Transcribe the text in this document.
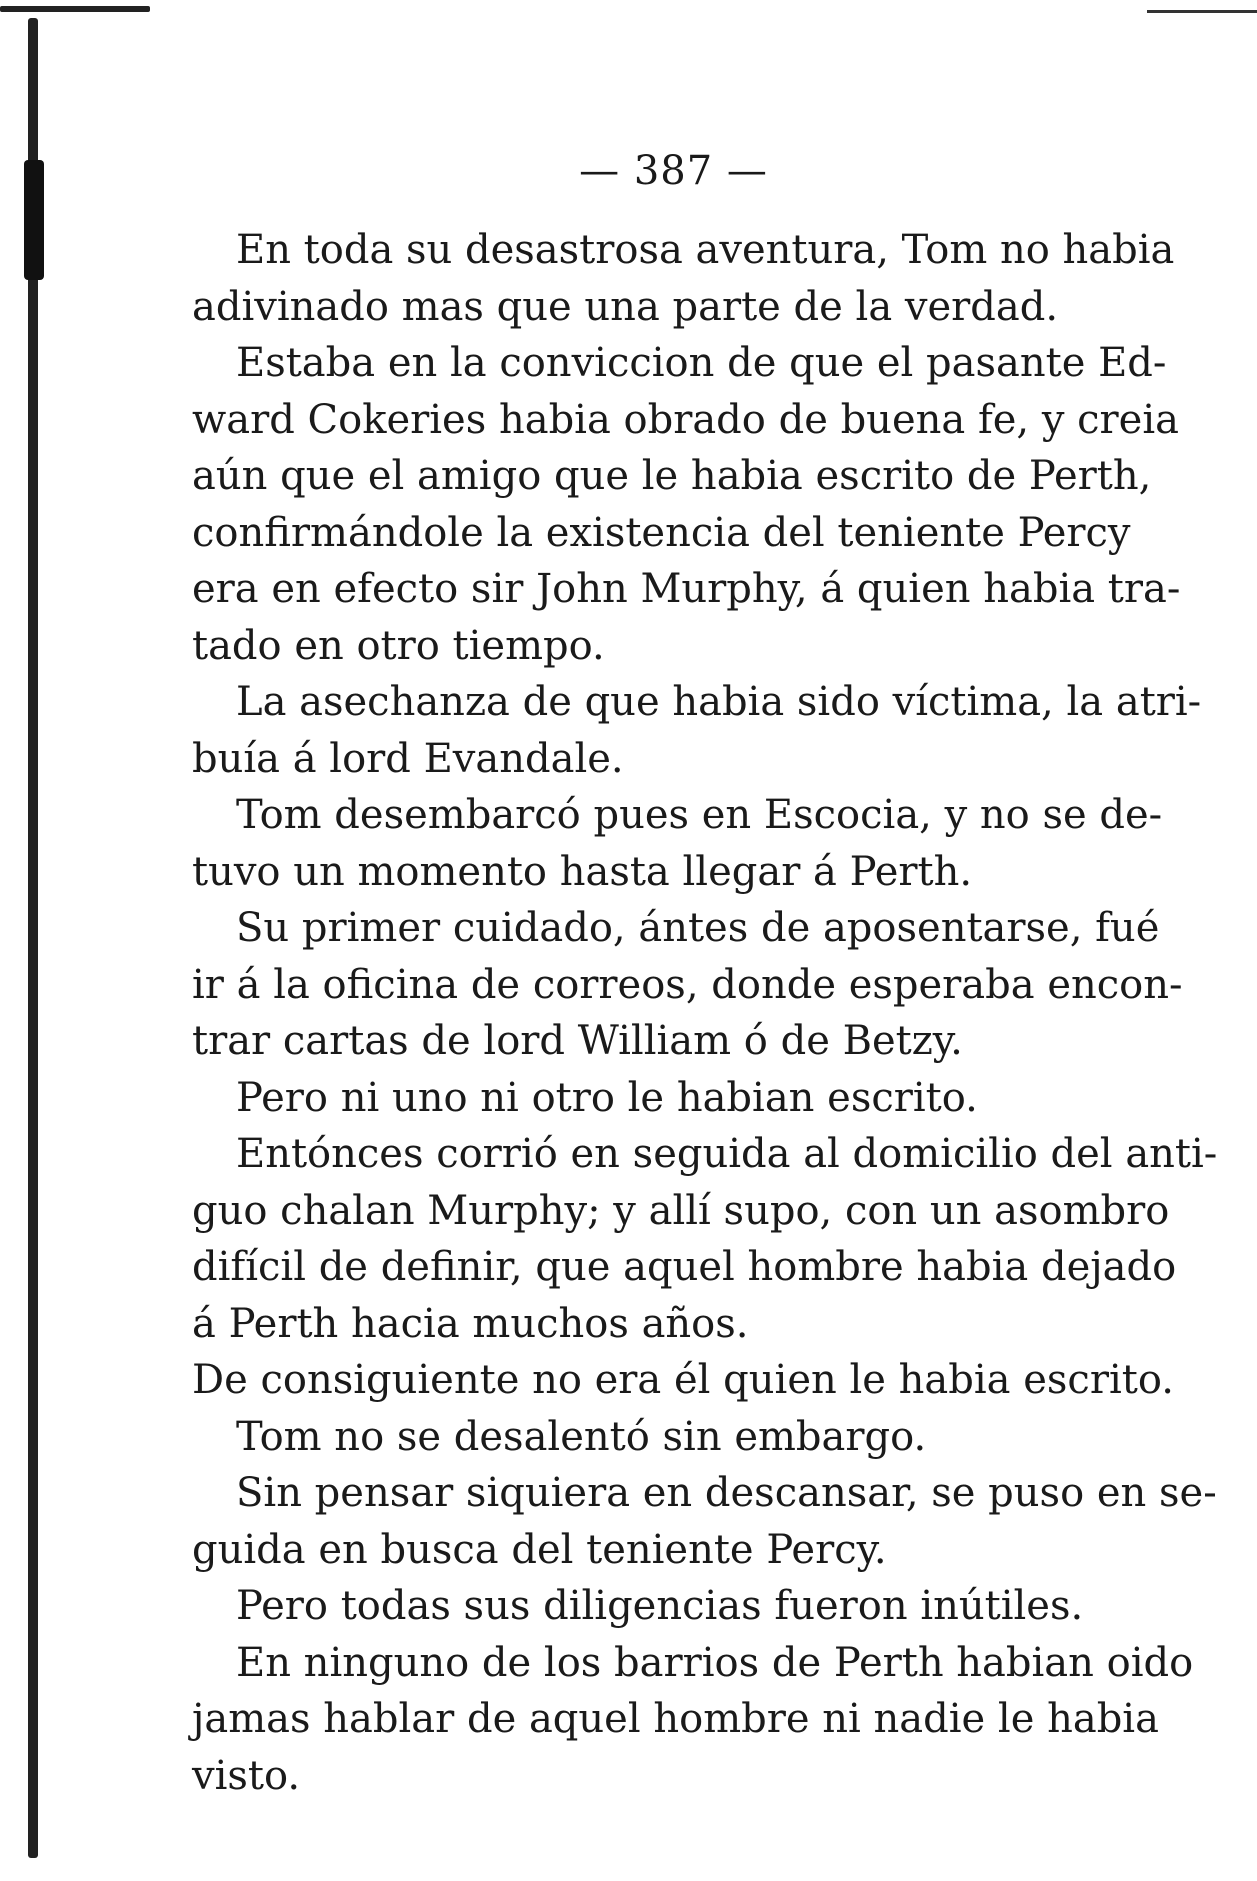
— 387 —
En toda su desastrosa aventura, Tom no habia
adivinado mas que una parte de la verdad.
Estaba en la conviccion de que el pasante Ed-
ward Cokeries habia obrado de buena fe, y creia
aún que el amigo que le habia escrito de Perth,
confirmándole la existencia del teniente Percy
era en efecto sir John Murphy, á quien habia tra-
tado en otro tiempo.
La asechanza de que habia sido víctima, la atri-
buía á lord Evandale.
Tom desembarcó pues en Escocia, y no se de-
tuvo un momento hasta llegar á Perth.
Su primer cuidado, ántes de aposentarse, fué
ir á la oficina de correos, donde esperaba encon-
trar cartas de lord William ó de Betzy.
Pero ni uno ni otro le habian escrito.
Entónces corrió en seguida al domicilio del anti-
guo chalan Murphy; y allí supo, con un asombro
difícil de definir, que aquel hombre habia dejado
á Perth hacia muchos años.
De consiguiente no era él quien le habia escrito.
Tom no se desalentó sin embargo.
Sin pensar siquiera en descansar, se puso en se-
guida en busca del teniente Percy.
Pero todas sus diligencias fueron inútiles.
En ninguno de los barrios de Perth habian oido
jamas hablar de aquel hombre ni nadie le habia
visto.
